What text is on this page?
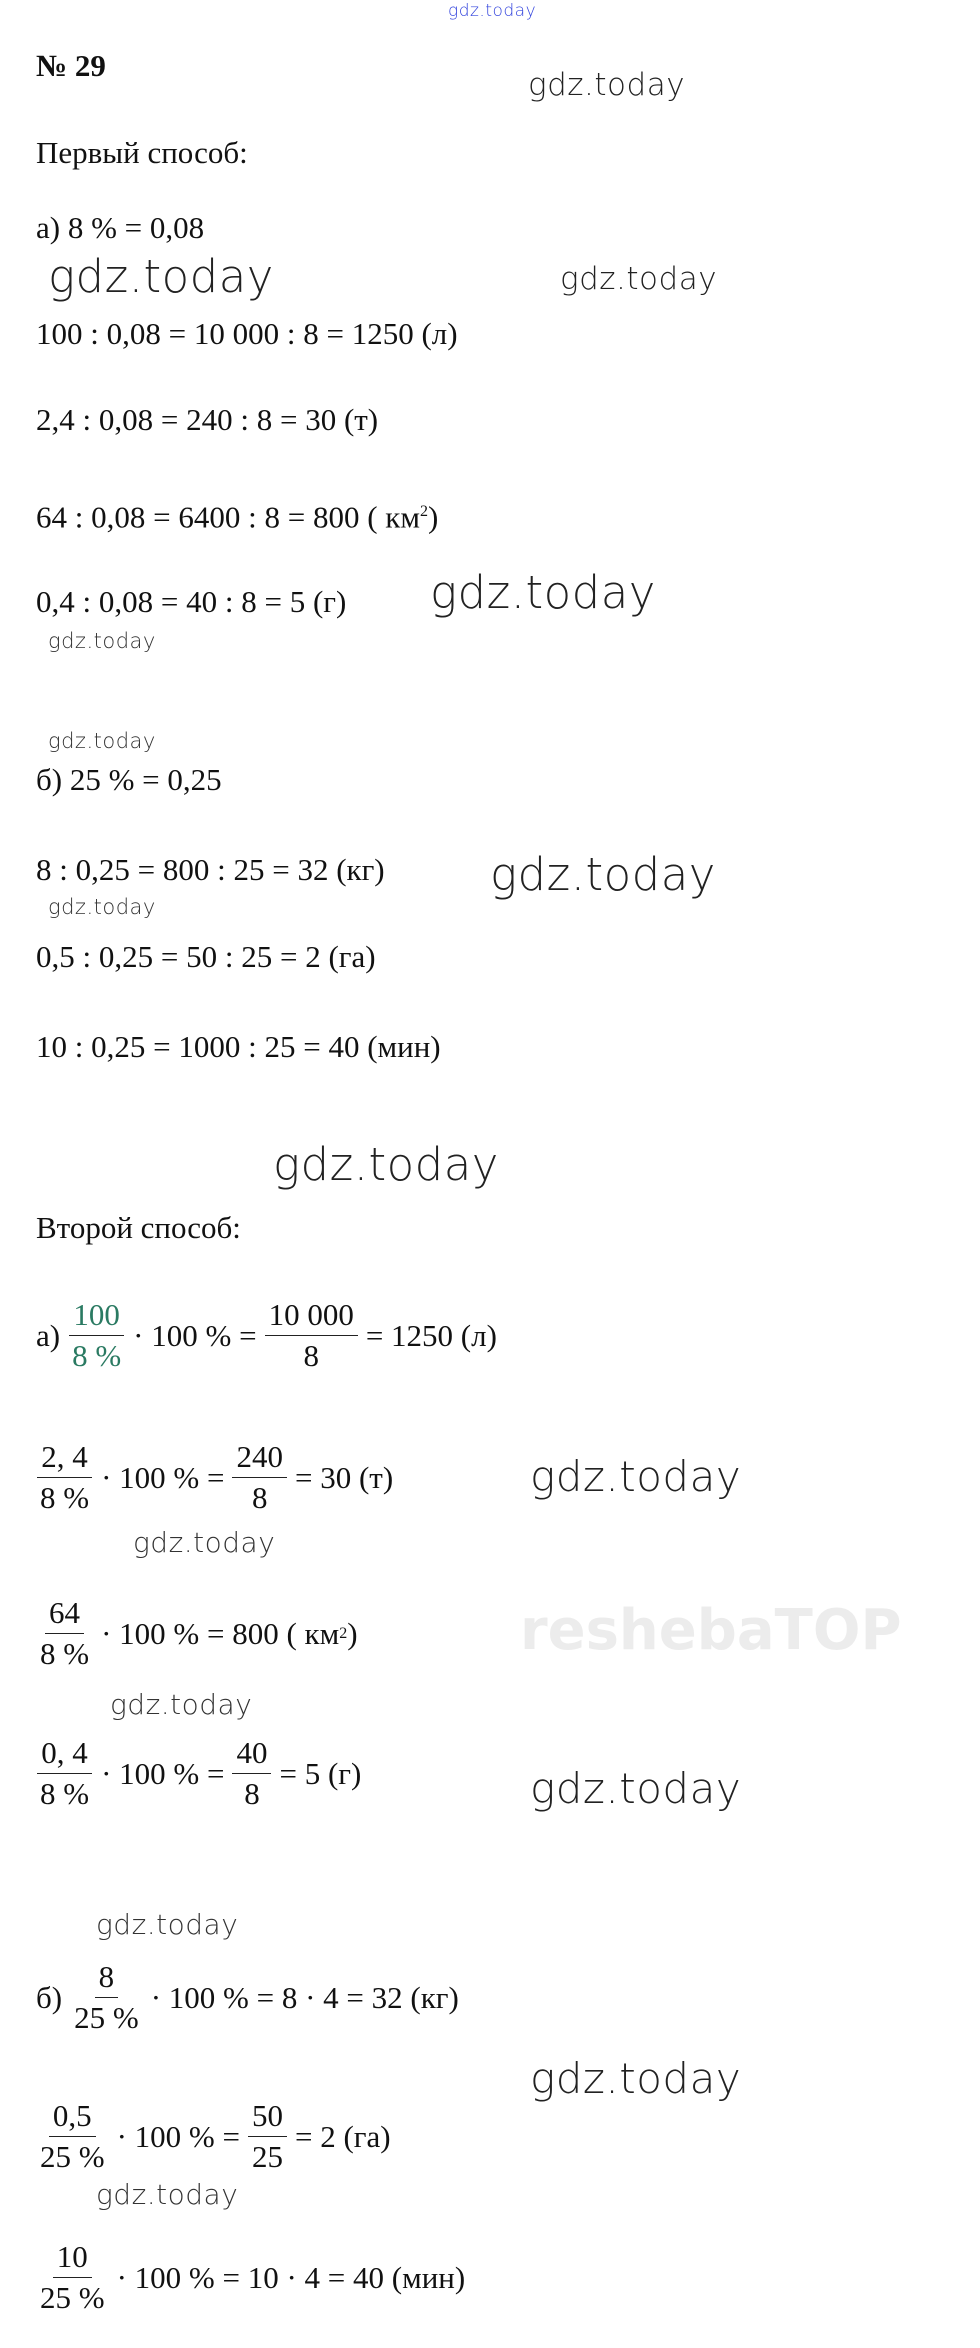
reshebaTOP
gdz.today
№ 29
gdz.today
Первый способ:
а) 8 % = 0,08
gdz.today	gdz.today
100 : 0,08 = 10 000 : 8 = 1250 (л)
2,4 : 0,08 = 240 : 8 = 30 (т)
64 : 0,08 = 6400 : 8 = 800 ( $км^2$)
0,4 : 0,08 = 40 : 8 = 5 (г) gdz.today
gdz.today
gdz.today
б) 25 % = 0,25
8 : 0,25 = 800 : 25 = 32 (кг) gdz.today
gdz.today
0,5 : 0,25 = 50 : 25 = 2 (га)
10 : 0,25 = 1000 : 25 = 40 (мин)
gdz.today
Второй способ:
$а) \frac{100}{8 \%} \cdot 100$ % = $\frac{10 000}{8} = 1250$ (л)
$\frac{2, 4}{8 \%} \cdot 100$ % = $\frac{240}{8} = 30$ (т)	gdz.today
gdz.today
$\frac{64}{8 \%} \cdot 100$ % = 800 ( км 2 )
gdz.today
$\frac{0, 4}{8 \%} \cdot 100$ % = $\frac{40}{8} = 5$ (г)	gdz.today
gdz.today
$б) \frac{8}{25 \%} \cdot 100$ % = 8 · 4 = 32 (кг)
gdz.today
$\frac{0,5}{25 \%} \cdot 100$ % = $\frac{50}{25} = 2$ (га)
gdz.today
$\frac{10}{25 \%} \cdot 100$ % = 10 · 4 = 40 (мин)
